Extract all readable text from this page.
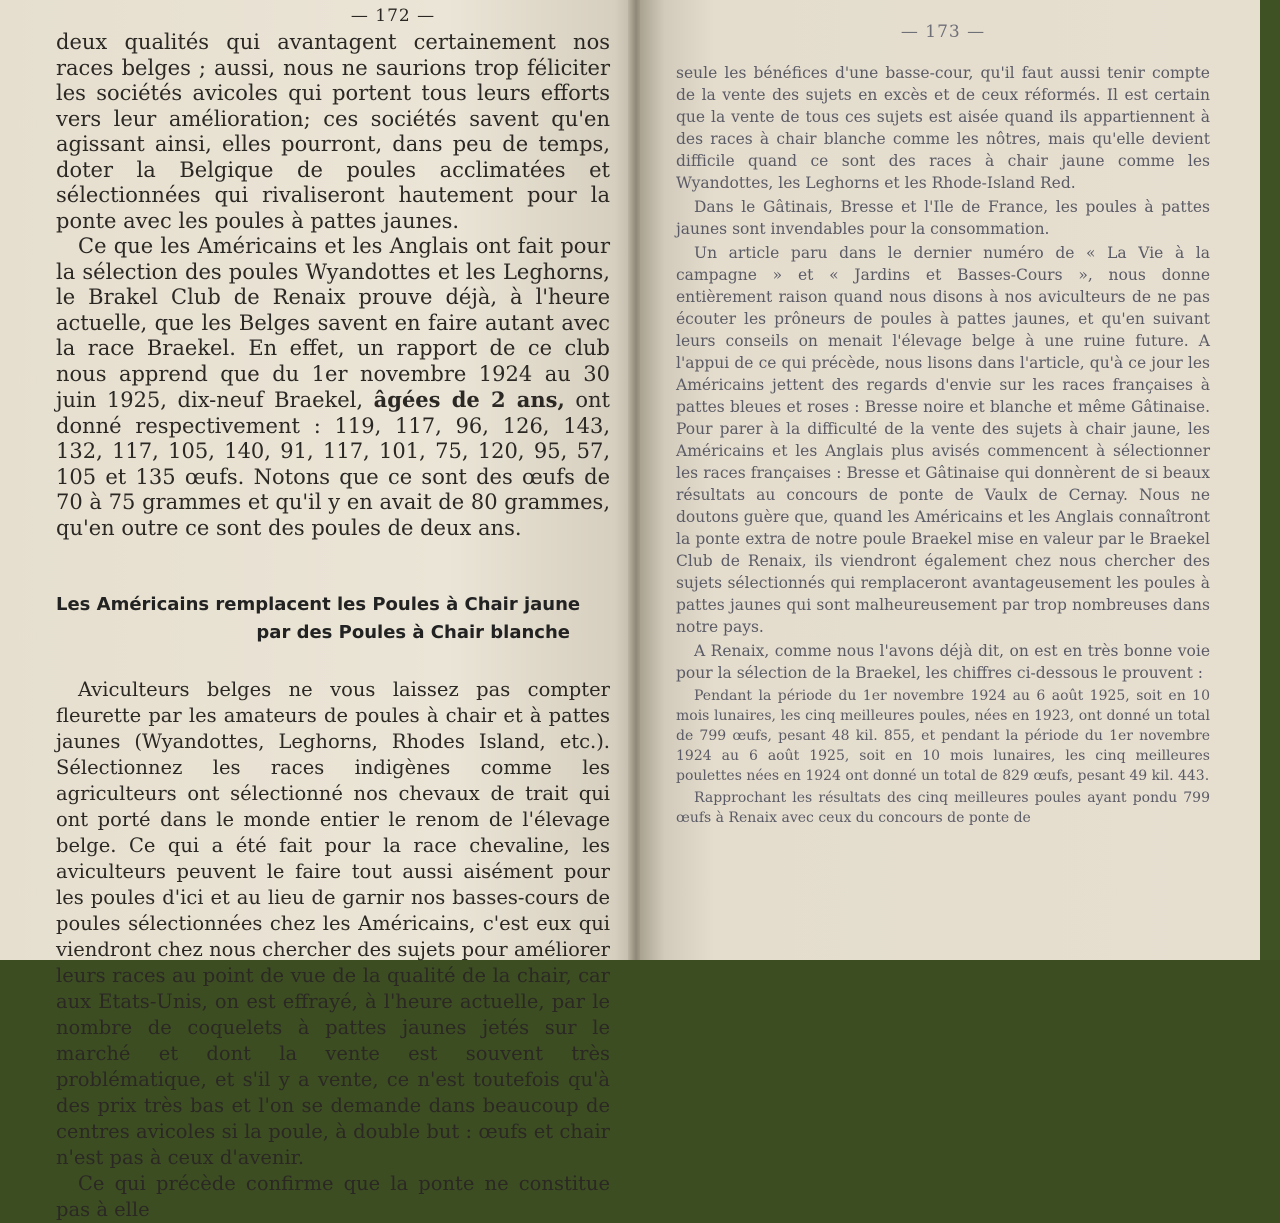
— 172 —

deux qualités qui avantagent certainement nos races belges ; aussi, nous ne saurions trop féliciter les sociétés avicoles qui portent tous leurs efforts vers leur amélioration; ces sociétés savent qu'en agissant ainsi, elles pourront, dans peu de temps, doter la Belgique de poules acclimatées et sélectionnées qui rivaliseront hautement pour la ponte avec les poules à pattes jaunes.

Ce que les Américains et les Anglais ont fait pour la sélection des poules Wyandottes et les Leghorns, le Brakel Club de Renaix prouve déjà, à l'heure actuelle, que les Belges savent en faire autant avec la race Braekel. En effet, un rapport de ce club nous apprend que du 1er novembre 1924 au 30 juin 1925, dix-neuf Braekel, âgées de 2 ans, ont donné respectivement : 119, 117, 96, 126, 143, 132, 117, 105, 140, 91, 117, 101, 75, 120, 95, 57, 105 et 135 œufs. Notons que ce sont des œufs de 70 à 75 grammes et qu'il y en avait de 80 grammes, qu'en outre ce sont des poules de deux ans.

Les Américains remplacent les Poules à Chair jaune
par des Poules à Chair blanche

Aviculteurs belges ne vous laissez pas compter fleurette par les amateurs de poules à chair et à pattes jaunes (Wyandottes, Leghorns, Rhodes Island, etc.). Sélectionnez les races indigènes comme les agriculteurs ont sélectionné nos chevaux de trait qui ont porté dans le monde entier le renom de l'élevage belge. Ce qui a été fait pour la race chevaline, les aviculteurs peuvent le faire tout aussi aisément pour les poules d'ici et au lieu de garnir nos basses-cours de poules sélectionnées chez les Américains, c'est eux qui viendront chez nous chercher des sujets pour améliorer leurs races au point de vue de la qualité de la chair, car aux Etats-Unis, on est effrayé, à l'heure actuelle, par le nombre de coquelets à pattes jaunes jetés sur le marché et dont la vente est souvent très problématique, et s'il y a vente, ce n'est toutefois qu'à des prix très bas et l'on se demande dans beaucoup de centres avicoles si la poule, à double but : œufs et chair n'est pas à ceux d'avenir.

Ce qui précède confirme que la ponte ne constitue pas à elle

— 173 —

seule les bénéfices d'une basse-cour, qu'il faut aussi tenir compte de la vente des sujets en excès et de ceux réformés. Il est certain que la vente de tous ces sujets est aisée quand ils appartiennent à des races à chair blanche comme les nôtres, mais qu'elle devient difficile quand ce sont des races à chair jaune comme les Wyandottes, les Leghorns et les Rhode-Island Red.

Dans le Gâtinais, Bresse et l'Ile de France, les poules à pattes jaunes sont invendables pour la consommation.

Un article paru dans le dernier numéro de « La Vie à la campagne » et « Jardins et Basses-Cours », nous donne entièrement raison quand nous disons à nos aviculteurs de ne pas écouter les prôneurs de poules à pattes jaunes, et qu'en suivant leurs conseils on menait l'élevage belge à une ruine future. A l'appui de ce qui précède, nous lisons dans l'article, qu'à ce jour les Américains jettent des regards d'envie sur les races françaises à pattes bleues et roses : Bresse noire et blanche et même Gâtinaise. Pour parer à la difficulté de la vente des sujets à chair jaune, les Américains et les Anglais plus avisés commencent à sélectionner les races françaises : Bresse et Gâtinaise qui donnèrent de si beaux résultats au concours de ponte de Vaulx de Cernay. Nous ne doutons guère que, quand les Américains et les Anglais connaîtront la ponte extra de notre poule Braekel mise en valeur par le Braekel Club de Renaix, ils viendront également chez nous chercher des sujets sélectionnés qui remplaceront avantageusement les poules à pattes jaunes qui sont malheureusement par trop nombreuses dans notre pays.

A Renaix, comme nous l'avons déjà dit, on est en très bonne voie pour la sélection de la Braekel, les chiffres ci-dessous le prouvent :

Pendant la période du 1er novembre 1924 au 6 août 1925, soit en 10 mois lunaires, les cinq meilleures poules, nées en 1923, ont donné un total de 799 œufs, pesant 48 kil. 855, et pendant la période du 1er novembre 1924 au 6 août 1925, soit en 10 mois lunaires, les cinq meilleures poulettes nées en 1924 ont donné un total de 829 œufs, pesant 49 kil. 443.

Rapprochant les résultats des cinq meilleures poules ayant pondu 799 œufs à Renaix avec ceux du concours de ponte de
